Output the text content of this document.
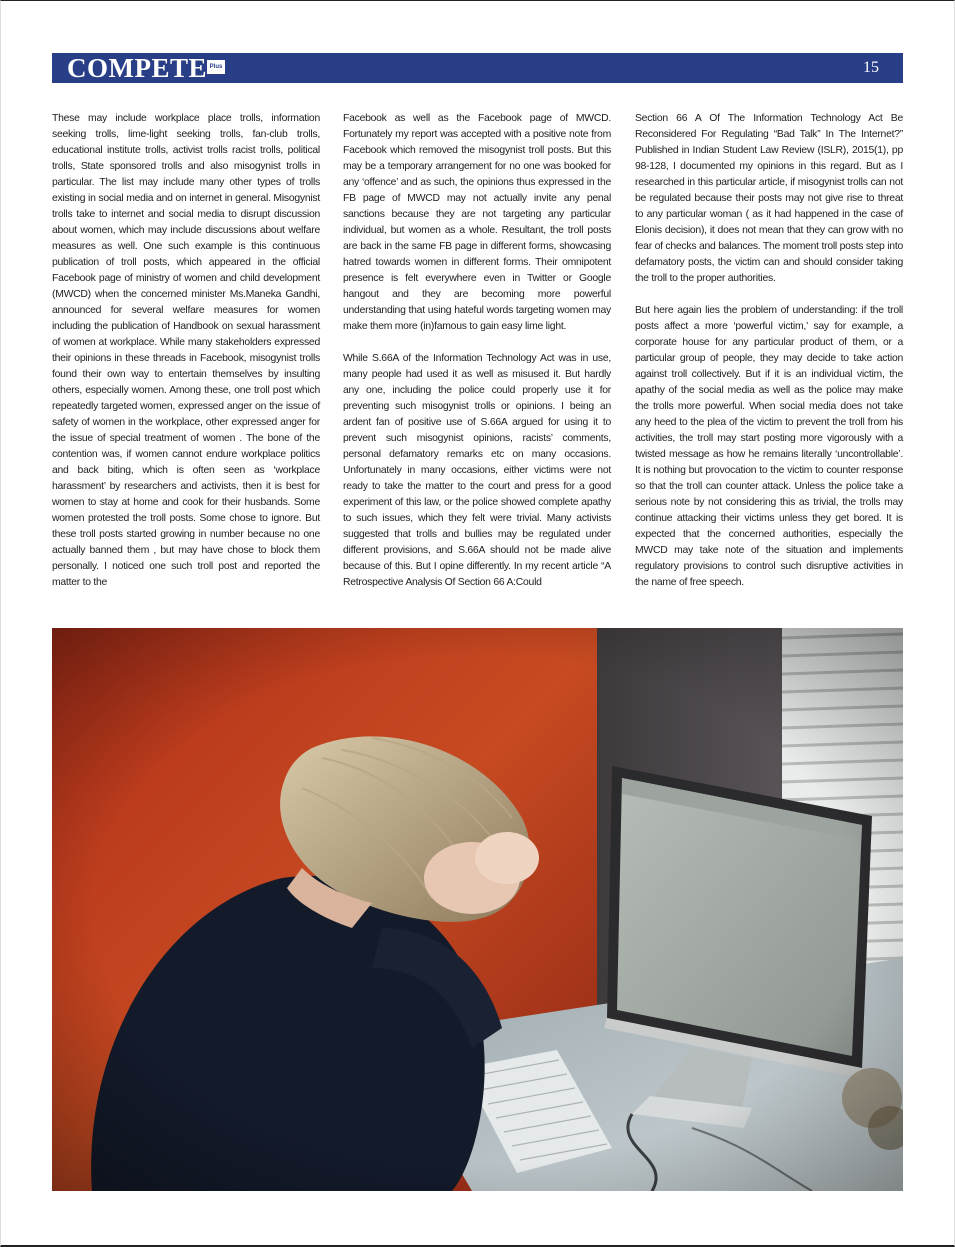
COMPETE Plus	15

These may include workplace place trolls, information seeking trolls, lime-light seeking trolls, fan-club trolls, educational institute trolls, activist trolls racist trolls, political trolls, State sponsored trolls and also misogynist trolls in particular. The list may include many other types of trolls existing in social media and on internet in general. Misogynist trolls take to internet and social media to disrupt discussion about women, which may include discussions about welfare measures as well. One such example is this continuous publication of troll posts, which appeared in the official Facebook page of ministry of women and child development (MWCD) when the concerned minister Ms.Maneka Gandhi, announced for several welfare measures for women including the publication of Handbook on sexual harassment of women at workplace. While many stakeholders expressed their opinions in these threads in Facebook, misogynist trolls found their own way to entertain themselves by insulting others, especially women. Among these, one troll post which repeatedly targeted women, expressed anger on the issue of safety of women in the workplace, other expressed anger for the issue of special treatment of women . The bone of the contention was, if women cannot endure workplace politics and back biting, which is often seen as ‘workplace harassment’ by researchers and activists, then it is best for women to stay at home and cook for their husbands. Some women protested the troll posts. Some chose to ignore. But these troll posts started growing in number because no one actually banned them , but may have chose to block them personally. I noticed one such troll post and reported the matter to the

Facebook as well as the Facebook page of MWCD. Fortunately my report was accepted with a positive note from Facebook which removed the misogynist troll posts. But this may be a temporary arrangement for no one was booked for any ‘offence’ and as such, the opinions thus expressed in the FB page of MWCD may not actually invite any penal sanctions because they are not targeting any particular individual, but women as a whole. Resultant, the troll posts are back in the same FB page in different forms, showcasing hatred towards women in different forms. Their omnipotent presence is felt everywhere even in Twitter or Google hangout and they are becoming more powerful understanding that using hateful words targeting women may make them more (in)famous to gain easy lime light.

While S.66A of the Information Technology Act was in use, many people had used it as well as misused it. But hardly any one, including the police could properly use it for preventing such misogynist trolls or opinions. I being an ardent fan of positive use of S.66A argued for using it to prevent such misogynist opinions, racists’ comments, personal defamatory remarks etc on many occasions. Unfortunately in many occasions, either victims were not ready to take the matter to the court and press for a good experiment of this law, or the police showed complete apathy to such issues, which they felt were trivial. Many activists suggested that trolls and bullies may be regulated under different provisions, and S.66A should not be made alive because of this. But I opine differently. In my recent article “A Retrospective Analysis Of Section 66 A:Could

Section 66 A Of The Information Technology Act Be Reconsidered For Regulating “Bad Talk” In The Internet?” Published in Indian Student Law Review (ISLR), 2015(1), pp 98-128, I documented my opinions in this regard. But as I researched in this particular article, if misogynist trolls can not be regulated because their posts may not give rise to threat to any particular woman ( as it had happened in the case of Elonis decision), it does not mean that they can grow with no fear of checks and balances. The moment troll posts step into defamatory posts, the victim can and should consider taking the troll to the proper authorities.

But here again lies the problem of understanding: if the troll posts affect a more ‘powerful victim,’ say for example, a corporate house for any particular product of them, or a particular group of people, they may decide to take action against troll collectively. But if it is an individual victim, the apathy of the social media as well as the police may make the trolls more powerful. When social media does not take any heed to the plea of the victim to prevent the troll from his activities, the troll may start posting more vigorously with a twisted message as how he remains literally ‘uncontrollable’. It is nothing but provocation to the victim to counter response so that the troll can counter attack. Unless the police take a serious note by not considering this as trivial, the trolls may continue attacking their victims unless they get bored. It is expected that the concerned authorities, especially the MWCD may take note of the situation and implements regulatory provisions to control such disruptive activities in the name of free speech.
